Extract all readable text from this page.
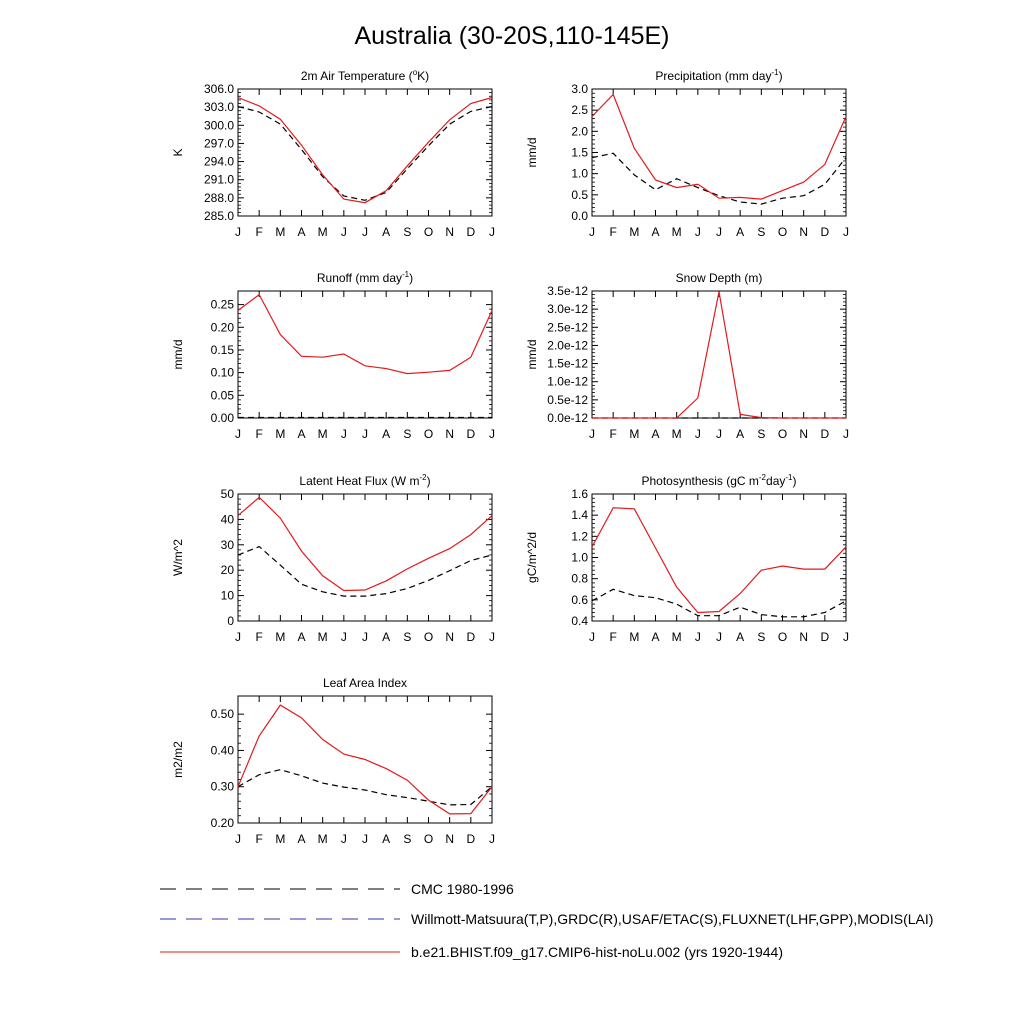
Australia (30-20S,110-145E)
2m Air Temperature ($^o$K)
K
285.0
288.0
291.0
294.0
297.0
300.0
303.0
306.0
J F M A M J J A S O N D J
Precipitation (mm day$^{-1}$)
mm/d
0.0
0.5
1.0
1.5
2.0
2.5
3.0
J F M A M J J A S O N D J
Runoff (mm day$^{-1}$)
mm/d
0.00
0.05
0.10
0.15
0.20
0.25
J F M A M J J A S O N D J
Snow Depth (m)
mm/d
0.0e-12
0.5e-12
1.0e-12
1.5e-12
2.0e-12
2.5e-12
3.0e-12
3.5e-12
J F M A M J J A S O N D J
Latent Heat Flux (W $m^{-2}$)
W/m^2
0
10
20
30
40
50
J F M A M J J A S O N D J
Photosynthesis (gC $m^{-2}day^{-1}$)
gC/m^2/d
0.4
0.6
0.8
1.0
1.2
1.4
1.6
J F M A M J J A S O N D J
Leaf Area Index
m2/m2
0.20
0.30
0.40
0.50
J F M A M J J A S O N D J
CMC 1980-1996
Willmott-Matsuura(T,P),GRDC(R),USAF/ETAC(S),FLUXNET(LHF,GPP),MODIS(LAI)
b.e21.BHIST.f09_g17.CMIP6-hist-noLu.002 (yrs 1920-1944)
